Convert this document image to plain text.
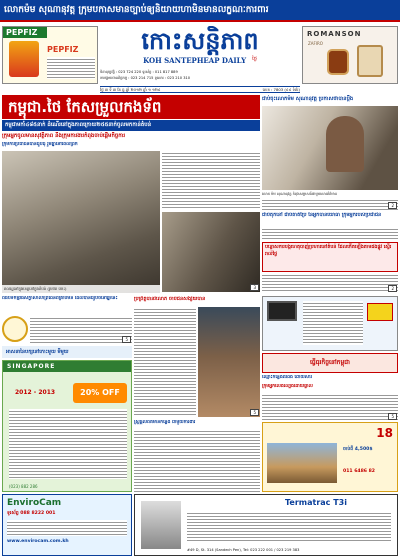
លោកម៉ម សុណានុវត្ត ក្រុមបកាសមានច្បាប់ឲ្យនិយាយហាមិនមានលក្ខណៈការពារ
PEPFIZ
PEPFIZ	កោះសន្តិភាព
KOH SANTEPHEAP DAILY ថ្ងៃ
ទិនានុប្បវត្តិ : 023 724 220 ទូរស័ព្ទ : 011 817 889
ការផ្សាយពាណិជ្ជកម្ម : 023 214 715 ទូរសារ : 023 210 310
ROMANSON
ZAFIRO
ថ្ងៃ ៣ ទី ៣ ខែ ធ្នូ ឆ្នាំ ២០១២ ឆ្នាំ ១ ១២៤	លេខ : 7803 (៤៤ ទំព័រ)
កម្ពុជា.ថៃ កែសម្រួលកងទ័ព
កម្ពុជាមកាំ៤៨៥នាក់ ដំណើរនៅក្នុងភាពក្រោយ២៥៥នាក់ចូលមកកាន់តំបន់
ក្រុមអ្នកចូលមានសុវត្ថិភាព នឹងក្រុមការងារកំពុងចាប់ផ្តើមកិច្ចការ
ក្រុមការប្រជាជនបានជួបជុំ រួមគ្នានៅពេលព្រឹក
ពលរដ្ឋនៅក្នុងខេត្តនៅក្នុងតំបន់ (រូបថត កោះ)	3
ជាប់ចុះលោកម៉ម សុណានុវត្ត ប្រកាសថាបានប្តឹង
លោក ម៉ម សុណានុវត្ត កំពុងសម្ភាសន៍ជាមួយសារព័ត៌មាន
2
ជាប់គុកនៅ ជាប់គាត់ប្រែ នៃអ្នកបានយោធា ក្រុមអ្នករបស់ប្រជាជន
បន្ទោសការបង្កហេតុបាញ់ប្រហារនៅតំបន់ ដែលកើតឡើងតាមដងផ្លូវ ស្ទើររាល់ថ្ងៃ
2
ពិធីបិទកម្មវិធីសិក្ខាសាលាព្រំដែនពីគ្រាប់មីន ដែលបានរៀបចំនៅឆ្នាំនេះ
5
ប្រព្រឹត្តបានរំលោភ ចាប់ជនសង្ស័យបាន
5
អាសនានៃបក្សនៅកោះមួយ មីមួយ
SINGAPORE
2012 - 2013	20% OFF
(023) 882 286
ធ្វើធុរកិច្ចនៅកម្ពុជា
ស្ត្រីផ្តល់ព័ត៌មានកន្លែង ជាមួយការងារ
ឈ្មោះកន្លែងពីរដង ដោយសារ
ក្រុមអ្នកលេងល្បែងដោយផ្ទាល់
5
18
ចាប់ពី 4,500$
011 6486 82
EnviroCam
ទូរស័ព្ទ 088 8222 001
www.envirocam.com.kh
Termatrac T3i
#49 D, St. 314 (Sandech Pen), Tel: 023 222 001 / 023 219 383
